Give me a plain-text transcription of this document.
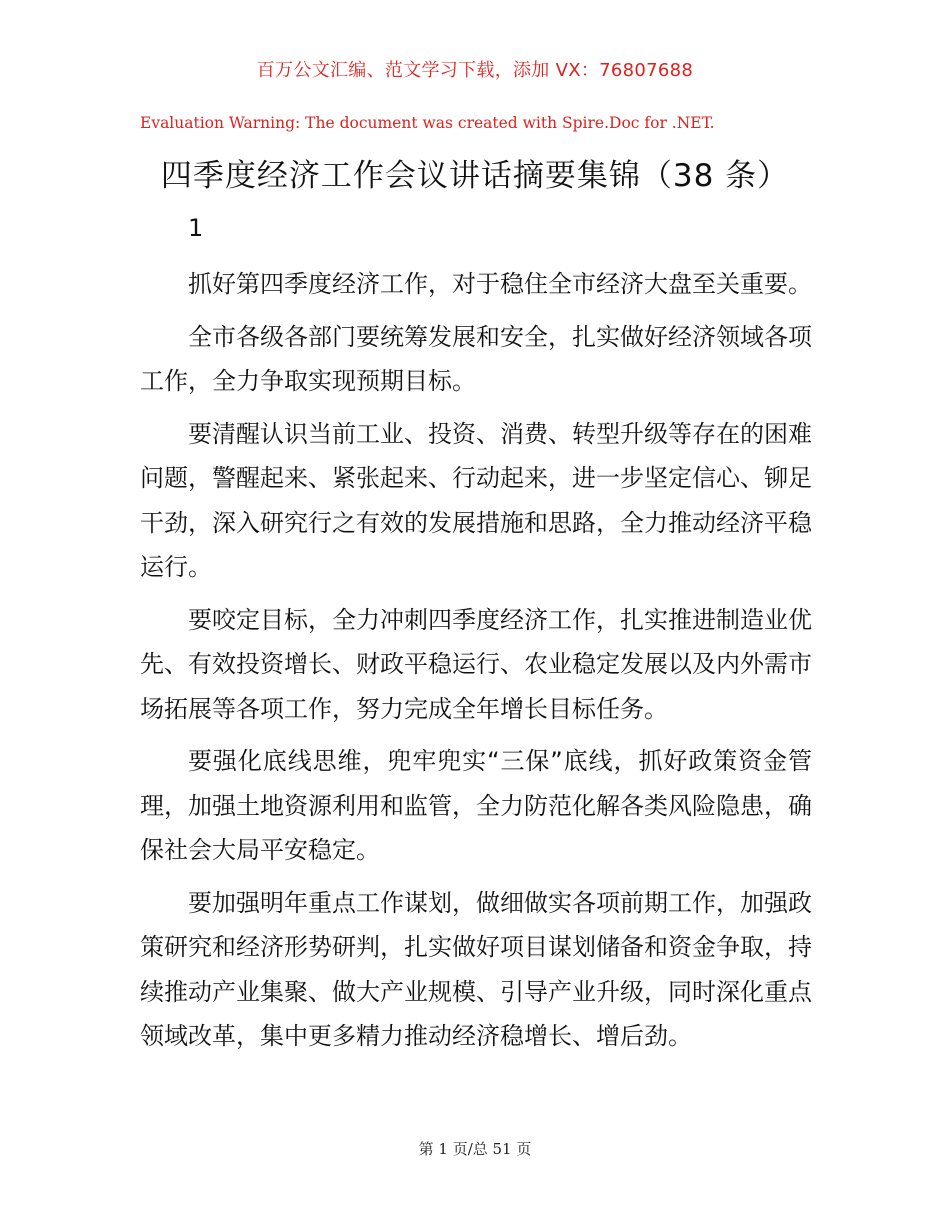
百万公文汇编、范文学习下载，添加 VX：76807688
Evaluation Warning: The document was created with Spire.Doc for .NET.
四季度经济工作会议讲话摘要集锦（38 条）
1

抓好第四季度经济工作，对于稳住全市经济大盘至关重要。

全市各级各部门要统筹发展和安全，扎实做好经济领域各项工作，全力争取实现预期目标。

要清醒认识当前工业、投资、消费、转型升级等存在的困难问题，警醒起来、紧张起来、行动起来，进一步坚定信心、铆足干劲，深入研究行之有效的发展措施和思路，全力推动经济平稳运行。

要咬定目标，全力冲刺四季度经济工作，扎实推进制造业优先、有效投资增长、财政平稳运行、农业稳定发展以及内外需市场拓展等各项工作，努力完成全年增长目标任务。

要强化底线思维，兜牢兜实“三保”底线，抓好政策资金管理，加强土地资源利用和监管，全力防范化解各类风险隐患，确保社会大局平安稳定。

要加强明年重点工作谋划，做细做实各项前期工作，加强政策研究和经济形势研判，扎实做好项目谋划储备和资金争取，持续推动产业集聚、做大产业规模、引导产业升级，同时深化重点领域改革，集中更多精力推动经济稳增长、增后劲。

第 1 页/总 51 页
